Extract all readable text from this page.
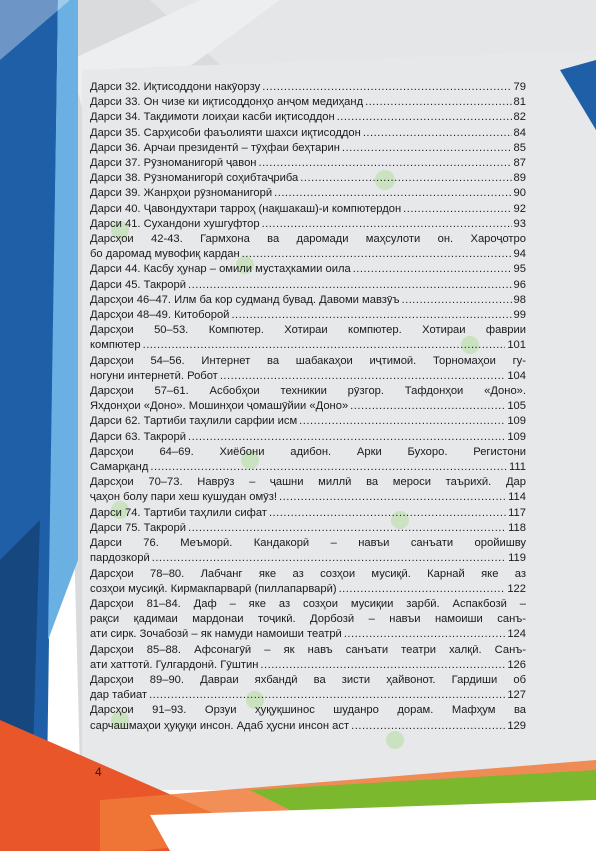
Дарси 32. Иқтисоддони накӯорзу .....	79
Дарси 33. Он чизе ки иқтисоддонҳо анҷом медиҳанд .....	81
Дарси 34. Тақдимоти лоиҳаи касби иқтисоддон .....	82
Дарси 35. Сарҳисоби фаъолияти шахси иқтисоддон .....	84
Дарси 36. Арчаи президентӣ – тӯҳфаи беҳтарин .....	85
Дарси 37. Рӯзноманигорӣ ҷавон .....	87
Дарси 38. Рӯзноманигорӣ соҳибтаҷриба .....	89
Дарси 39. Жанрҳои рӯзноманигорӣ .....	90
Дарси 40. Ҷавондухтари тарроҳ (нақшакаш)-и компютердон .....	92
Дарси 41. Сухандони хушгуфтор .....	93
Дарсҳои 42-43. Гармхона ва даромади маҳсулоти он. Хароҷотро
бо даромад мувофиқ кардан .....	94
Дарси 44. Касбу ҳунар – омили мустаҳкамии оила .....	95
Дарси 45. Такрорӣ .....	96
Дарсҳои 46–47. Илм ба кор судманд бувад. Давоми мавзӯъ .....	98
Дарсҳои 48–49. Китоборой .....	99
Дарсҳои 50–53. Компютер. Хотираи компютер. Хотираи фаврии
компютер .....	101
Дарсҳои 54–56. Интернет ва шабакаҳои иҷтимоӣ. Торномаҳои гу-
ногуни интернетӣ. Робот .....	104
Дарсҳои 57–61. Асбобҳои техникии рӯзгор. Тафдонҳои «Доно».
Яхдонҳои «Доно». Мошинҳои ҷомашӯйии «Доно» .....	105
Дарси 62. Тартиби таҳлили сарфии исм .....	109
Дарси 63. Такрорӣ .....	109
Дарсҳои 64–69. Хиёбони адибон. Арки Бухоро. Регистони
Самарқанд .....	111
Дарсҳои 70–73. Наврӯз – ҷашни миллӣ ва мероси таърихӣ. Дар
ҷаҳон болу пари хеш кушудан омӯз! .....	114
Дарси 74. Тартиби таҳлили сифат .....	117
Дарси 75. Такрорӣ .....	118
Дарси 76. Меъморӣ. Кандакорӣ – навъи санъати оройишву
пардозкорӣ .....	119
Дарсҳои 78–80. Лабчанг яке аз созҳои мусиқӣ. Карнай яке аз
созҳои мусиқӣ. Кирмакпарварӣ (пиллапарварӣ) .....	122
Дарсҳои 81–84. Даф – яке аз созҳои мусиқии зарбӣ. Аспакбозӣ –
рақси қадимаи мардонаи тоҷикӣ. Дорбозӣ – навъи намоиши санъ-
ати сирк. Зочабозӣ – як намуди намоиши театрӣ .....	124
Дарсҳои 85–88. Афсонагӯӣ – як навъ санъати театри халқӣ. Санъ-
ати хаттотӣ. Гулгардонӣ. Гӯштин .....	126
Дарсҳои 89–90. Давраи яхбандӣ ва зисти ҳайвонот. Гардиши об
дар табиат .....	127
Дарсҳои 91–93. Орзуи ҳуқуқшинос шуданро дорам. Мафҳум ва
сарчашмаҳои ҳуқуқи инсон. Адаб ҳусни инсон аст .....	129
4
